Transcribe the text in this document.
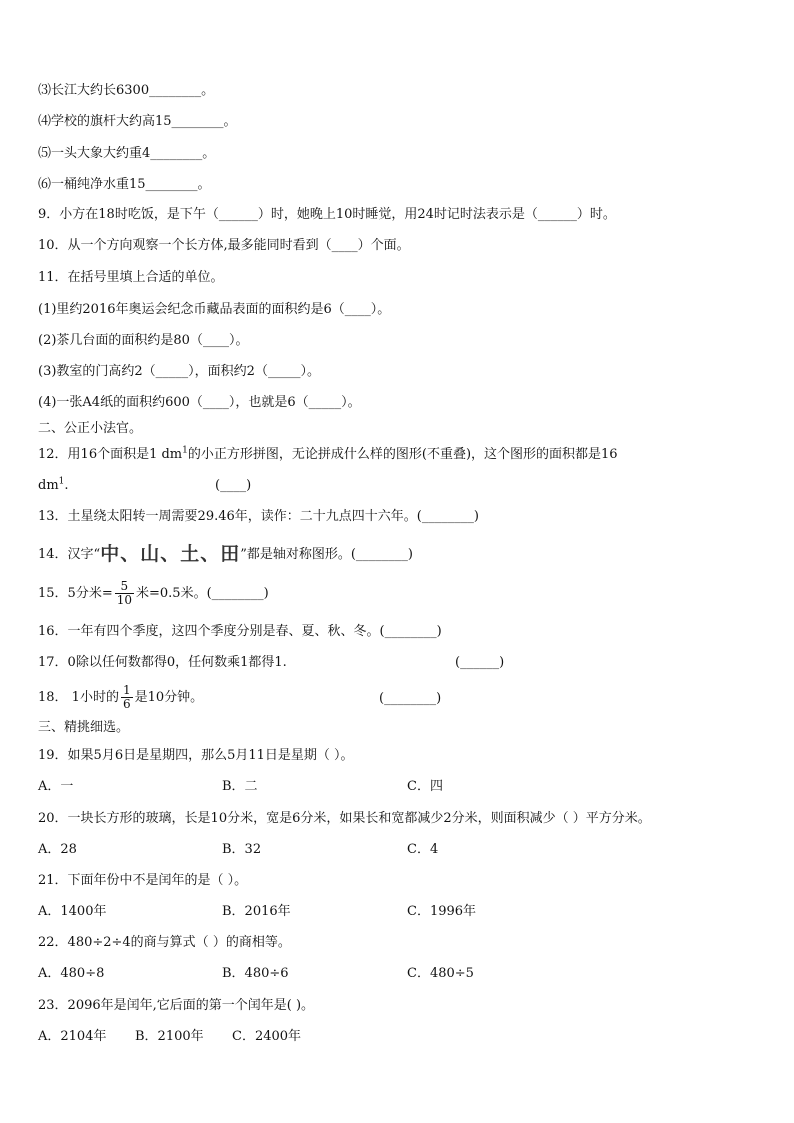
⑶长江大约长6300________。
⑷学校的旗杆大约高15________。
⑸一头大象大约重4________。
⑹一桶纯净水重15________。
9．小方在18时吃饭，是下午（______）时，她晚上10时睡觉，用24时记时法表示是（______）时。
10．从一个方向观察一个长方体,最多能同时看到（____）个面。
11．在括号里填上合适的单位。
(1)里约2016年奥运会纪念币藏品表面的面积约是6（____）。
(2)茶几台面的面积约是80（____）。
(3)教室的门高约2（_____），面积约2（_____）。
(4)一张A4纸的面积约600（____），也就是6（_____）。
二、公正小法官。
12．用16个面积是1 $dm^1$的小正方形拼图，无论拼成什么样的图形(不重叠)，这个图形的面积都是16
$dm^1$.	(____)
13．土星绕太阳转一周需要29.46年，读作：二十九点四十六年。(________)
14．汉字“中、山、土、田”都是轴对称图形。(________)
15．5分米= $\frac{5}{10}$ 米=0.5米。(________)
16．一年有四个季度，这四个季度分别是春、夏、秋、冬。(________)
17．0除以任何数都得0，任何数乘1都得1.	(______)
18． 1小时的 $\frac{1}{6}$ 是10分钟。	(________)
三、精挑细选。
19．如果5月6日是星期四，那么5月11日是星期（ ）。
A．一	B．二	C．四
20．一块长方形的玻璃，长是10分米，宽是6分米，如果长和宽都减少2分米，则面积减少（ ）平方分米。
A．28	B．32	C．4
21．下面年份中不是闰年的是（ ）。
A．1400年	B．2016年	C．1996年
22．480÷2÷4的商与算式（ ）的商相等。
A．480÷8	B．480÷6	C．480÷5
23．2096年是闰年,它后面的第一个闰年是( )。
A．2104年 B．2100年 C．2400年
